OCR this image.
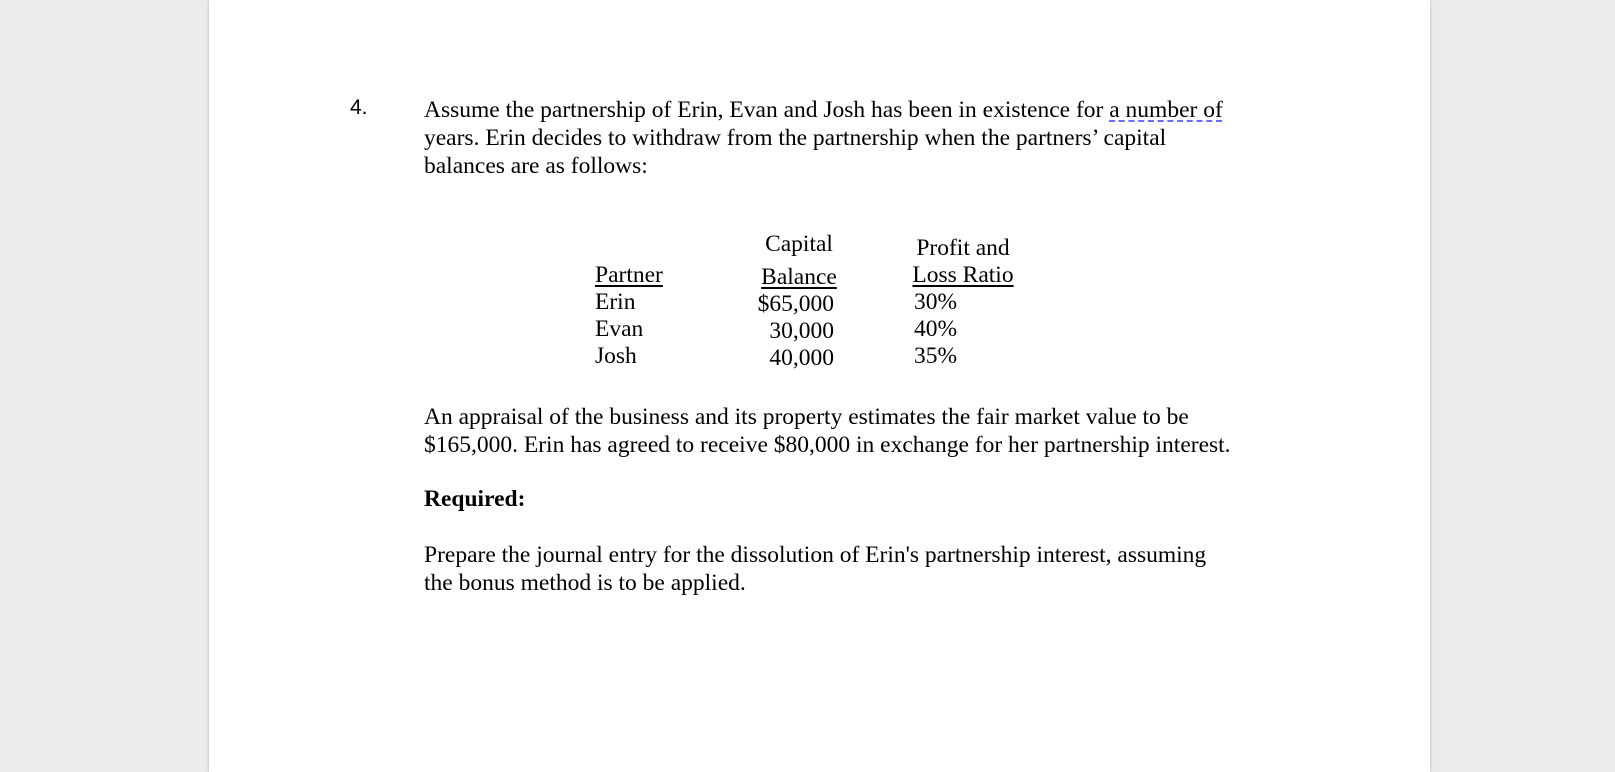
4. Assume the partnership of Erin, Evan and Josh has been in existence for a number of
years. Erin decides to withdraw from the partnership when the partners’ capital
balances are as follows:
Partner
Erin
Evan
Josh
Capital
Balance
$65,000
30,000
40,000
Profit and
Loss Ratio
30%
40%
35%
An appraisal of the business and its property estimates the fair market value to be
$165,000. Erin has agreed to receive $80,000 in exchange for her partnership interest.
Required:
Prepare the journal entry for the dissolution of Erin's partnership interest, assuming
the bonus method is to be applied.
